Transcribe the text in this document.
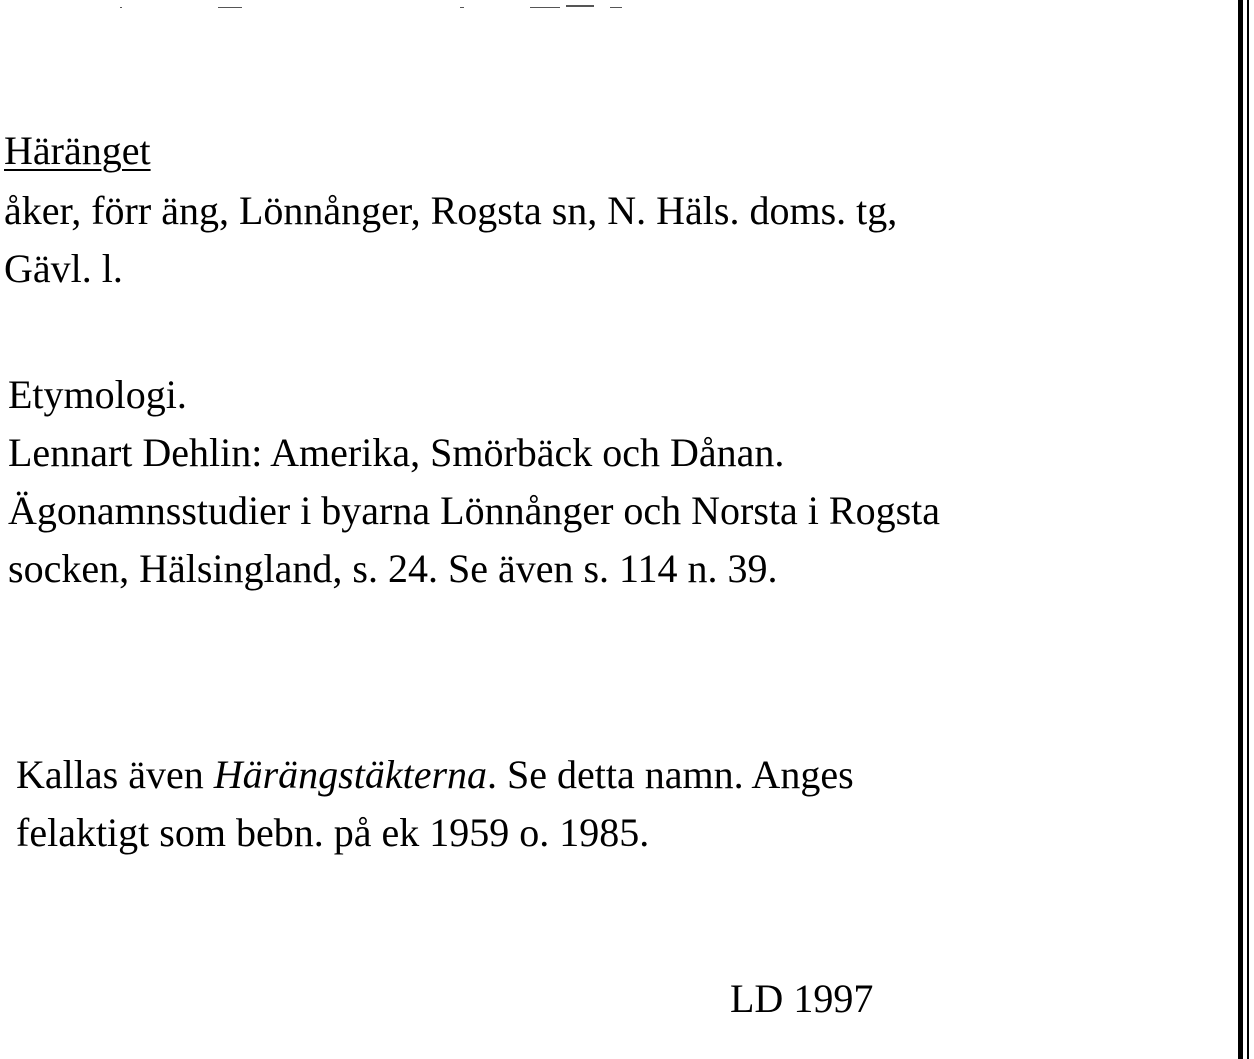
Häränget
åker, förr äng, Lönnånger, Rogsta sn, N. Häls. doms. tg,
Gävl. l.
Etymologi.
Lennart Dehlin: Amerika, Smörbäck och Dånan.
Ägonamnsstudier i byarna Lönnånger och Norsta i Rogsta
socken, Hälsingland, s. 24. Se även s. 114 n. 39.
Kallas även Härängstäkterna. Se detta namn. Anges
felaktigt som bebn. på ek 1959 o. 1985.
LD 1997
